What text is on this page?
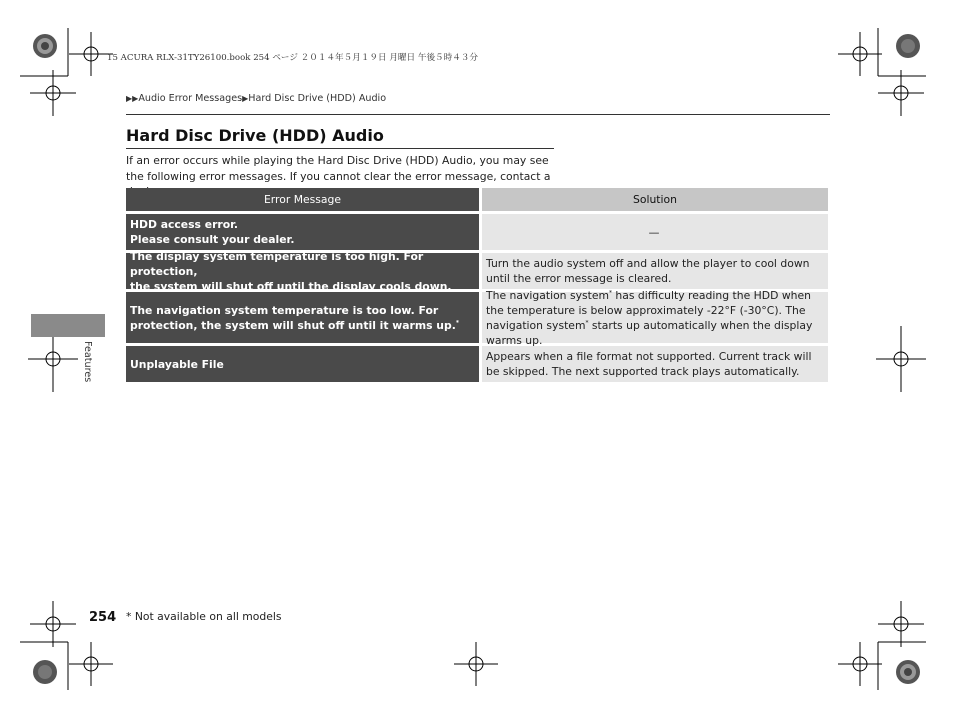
15 ACURA RLX-31TY26100.book 254 ページ ２０１４年５月１９日 月曜日 午後５時４３分
▶▶Audio Error Messages▶Hard Disc Drive (HDD) Audio
Hard Disc Drive (HDD) Audio
If an error occurs while playing the Hard Disc Drive (HDD) Audio, you may see the following error messages. If you cannot clear the error message, contact a
Error Message	Solution
HDD access error.
Please consult your dealer.
—
The display system temperature is too high. For protection,
the system will shut off until the display cools down.
Turn the audio system off and allow the player to cool down until the error message is cleared.
The navigation system temperature is too low. For
protection, the system will shut off until it warms up.*
The navigation system* has difficulty reading the HDD when the temperature is below approximately -22°F (-30°C). The navigation system* starts up automatically when the display warms up.
Unplayable File
Appears when a file format not supported. Current track will be skipped. The next supported track plays automatically.
Features
254 * Not available on all models
